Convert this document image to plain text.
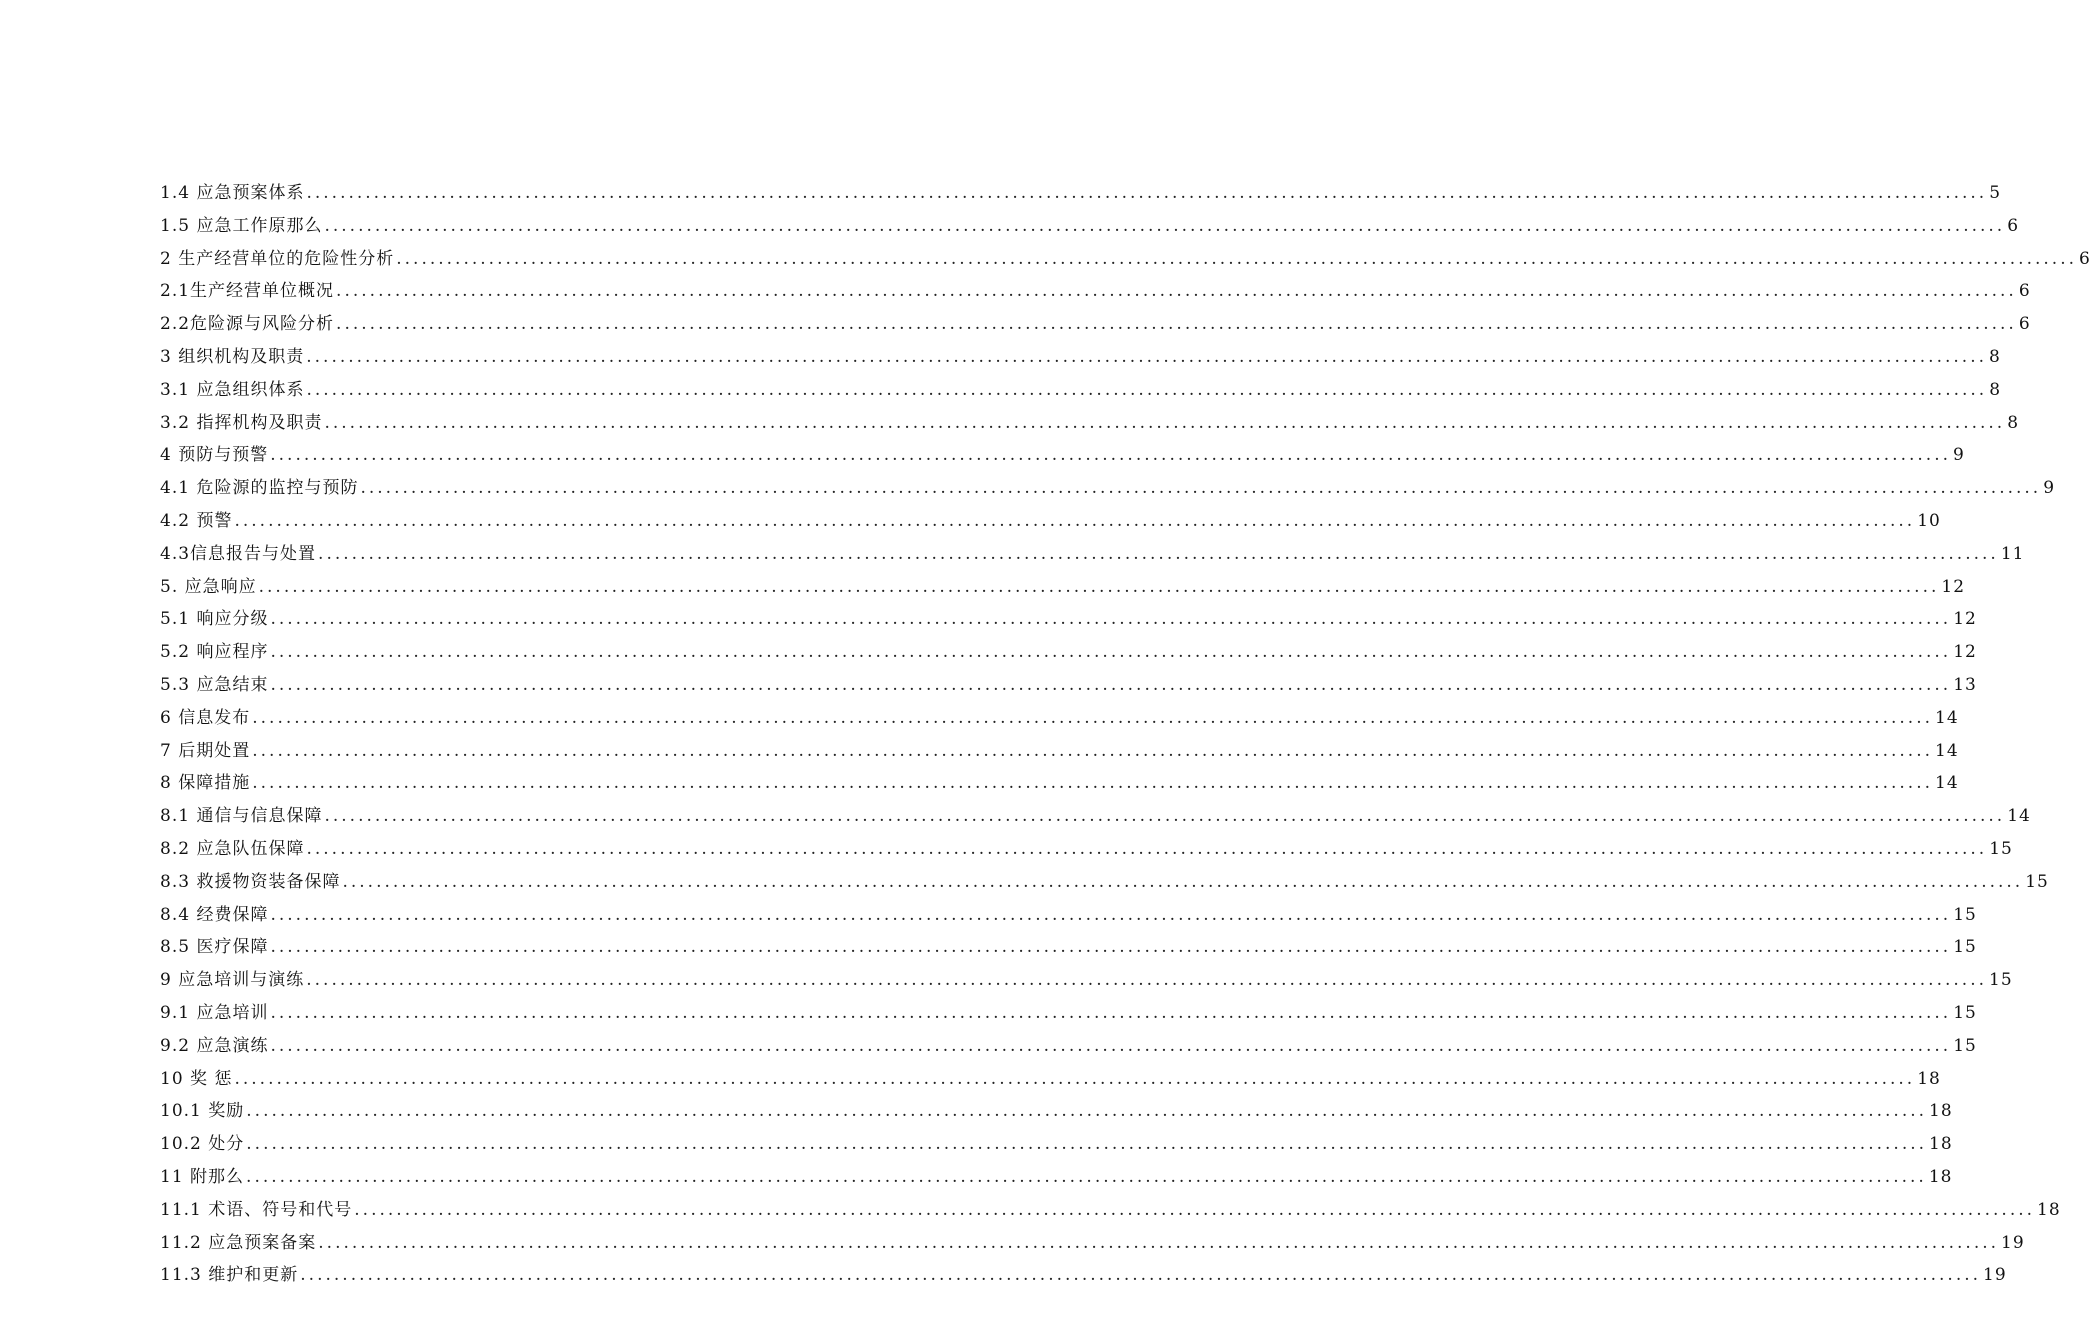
1.4 应急预案体系 ........................................................................................................................................................................................................ 5
1.5 应急工作原那么 ........................................................................................................................................................................................................ 6
2 生产经营单位的危险性分析 ........................................................................................................................................................................................................ 6
2.1生产经营单位概况 ........................................................................................................................................................................................................ 6
2.2危险源与风险分析 ........................................................................................................................................................................................................ 6
3 组织机构及职责 ........................................................................................................................................................................................................ 8
3.1 应急组织体系 ........................................................................................................................................................................................................ 8
3.2 指挥机构及职责 ........................................................................................................................................................................................................ 8
4 预防与预警 ........................................................................................................................................................................................................ 9
4.1 危险源的监控与预防 ........................................................................................................................................................................................................ 9
4.2 预警 ........................................................................................................................................................................................................ 10
4.3信息报告与处置 ........................................................................................................................................................................................................ 11
5. 应急响应 ........................................................................................................................................................................................................ 12
5.1 响应分级 ........................................................................................................................................................................................................ 12
5.2 响应程序 ........................................................................................................................................................................................................ 12
5.3 应急结束 ........................................................................................................................................................................................................ 13
6 信息发布 ........................................................................................................................................................................................................ 14
7 后期处置 ........................................................................................................................................................................................................ 14
8 保障措施 ........................................................................................................................................................................................................ 14
8.1 通信与信息保障 ........................................................................................................................................................................................................ 14
8.2 应急队伍保障 ........................................................................................................................................................................................................ 15
8.3 救援物资装备保障 ........................................................................................................................................................................................................ 15
8.4 经费保障 ........................................................................................................................................................................................................ 15
8.5 医疗保障 ........................................................................................................................................................................................................ 15
9 应急培训与演练 ........................................................................................................................................................................................................ 15
9.1 应急培训 ........................................................................................................................................................................................................ 15
9.2 应急演练 ........................................................................................................................................................................................................ 15
10 奖 惩 ........................................................................................................................................................................................................ 18
10.1 奖励 ........................................................................................................................................................................................................ 18
10.2 处分 ........................................................................................................................................................................................................ 18
11 附那么 ........................................................................................................................................................................................................ 18
11.1 术语、符号和代号 ........................................................................................................................................................................................................ 18
11.2 应急预案备案 ........................................................................................................................................................................................................ 19
11.3 维护和更新 ........................................................................................................................................................................................................ 19
